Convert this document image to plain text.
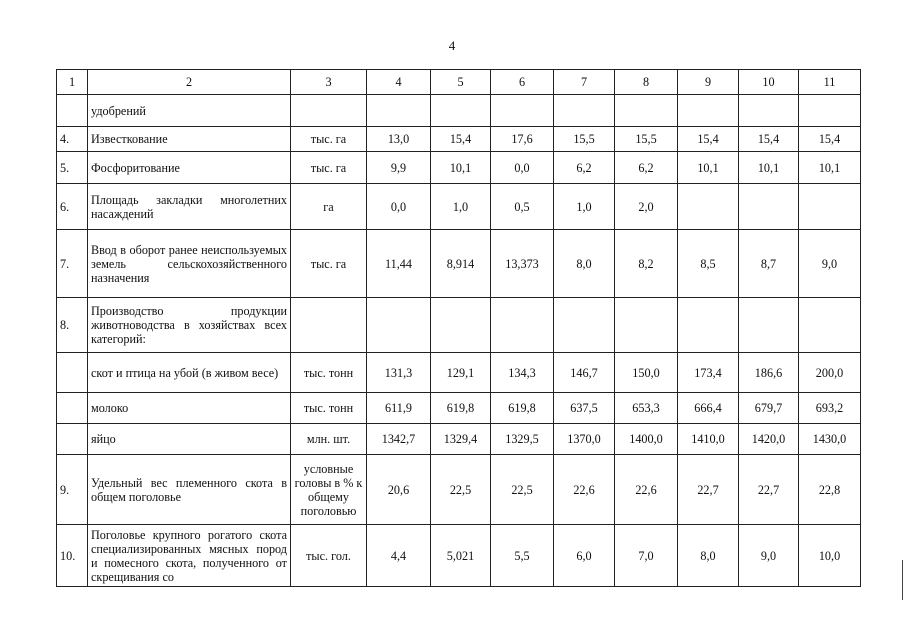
4
1	2	3	4	5	6	7	8	9	10	11
	удобрений									
4.	Известкование	тыс. га	13,0	15,4	17,6	15,5	15,5	15,4	15,4	15,4
5.	Фосфоритование	тыс. га	9,9	10,1	0,0	6,2	6,2	10,1	10,1	10,1
6.	Площадь закладки многолетних насаждений	га	0,0	1,0	0,5	1,0	2,0			
7.	Ввод в оборот ранее неиспользуемых земель сельскохозяйственного назначения	тыс. га	11,44	8,914	13,373	8,0	8,2	8,5	8,7	9,0
8.	Производство продукции животноводства в хозяйствах всех категорий:									
	скот и птица на убой (в живом весе)	тыс. тонн	131,3	129,1	134,3	146,7	150,0	173,4	186,6	200,0
	молоко	тыс. тонн	611,9	619,8	619,8	637,5	653,3	666,4	679,7	693,2
	яйцо	млн. шт.	1342,7	1329,4	1329,5	1370,0	1400,0	1410,0	1420,0	1430,0
9.	Удельный вес племенного скота в общем поголовье	условные головы в % к общему поголовью	20,6	22,5	22,5	22,6	22,6	22,7	22,7	22,8
10.	Поголовье крупного рогатого скота специализированных мясных пород и помесного скота, полученного от скрещивания со	тыс. гол.	4,4	5,021	5,5	6,0	7,0	8,0	9,0	10,0
